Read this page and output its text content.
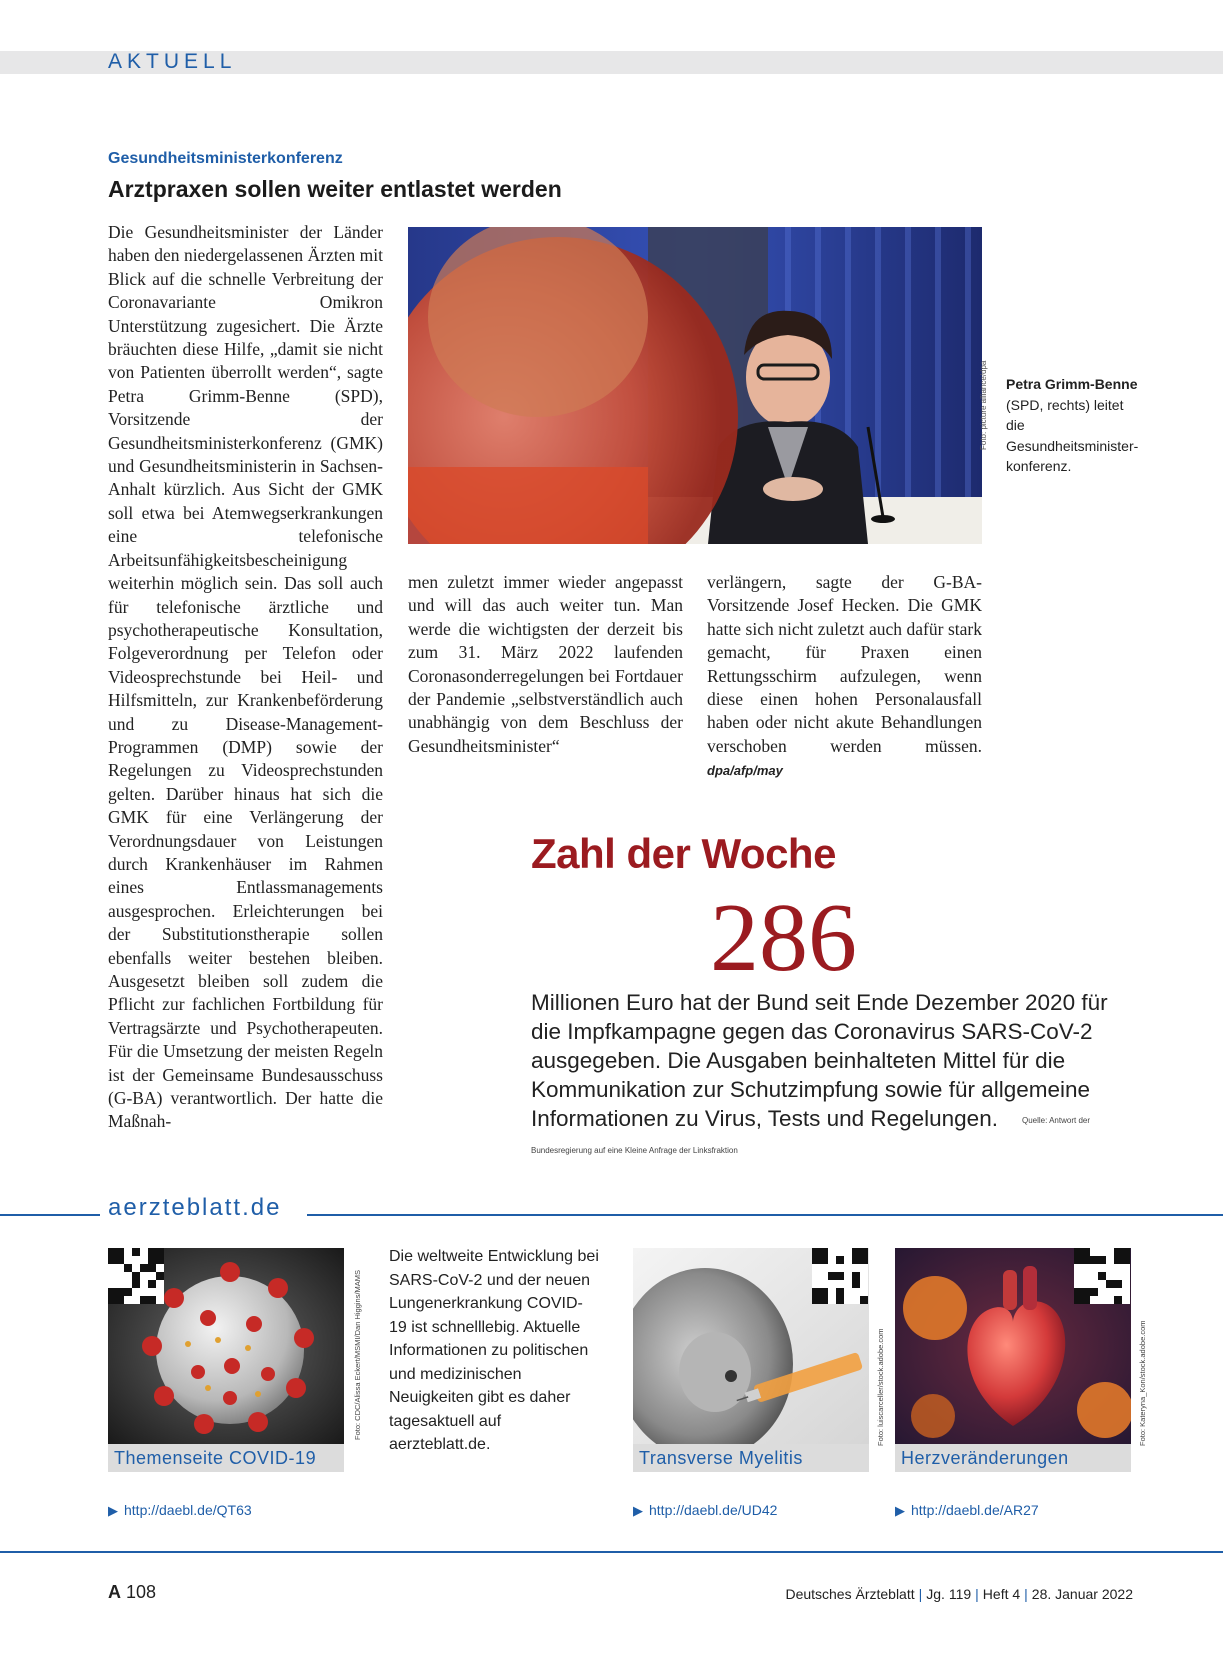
AKTUELL
Gesundheitsministerkonferenz
Arztpraxen sollen weiter entlastet werden

Die Gesundheitsminister der Länder haben den niedergelassenen Ärzten mit Blick auf die schnelle Verbreitung der Coronavariante Omikron Unterstützung zugesichert. Die Ärzte bräuchten diese Hilfe, „damit sie nicht von Patienten überrollt werden“, sagte Petra Grimm-Benne (SPD), Vorsitzende der Gesundheitsministerkonferenz (GMK) und Gesundheitsministerin in Sachsen-Anhalt kürzlich. Aus Sicht der GMK soll etwa bei Atemwegserkrankungen eine telefonische Arbeitsunfähigkeitsbescheinigung weiterhin möglich sein. Das soll auch für telefonische ärztliche und psychotherapeutische Konsultation, Folgeverordnung per Telefon oder Videosprechstunde bei Heil- und Hilfsmitteln, zur Krankenbeförderung und zu Disease-Management-Programmen (DMP) sowie der Regelungen zu Videosprechstunden gelten. Darüber hinaus hat sich die GMK für eine Verlängerung der Verordnungsdauer von Leistungen durch Krankenhäuser im Rahmen eines Entlassmanagements ausgesprochen. Erleichterungen bei der Substitutionstherapie sollen ebenfalls weiter bestehen bleiben. Ausgesetzt bleiben soll zudem die Pflicht zur fachlichen Fortbildung für Vertragsärzte und Psychotherapeuten. Für die Umsetzung der meisten Regeln ist der Gemeinsame Bundesausschuss (G-BA) verantwortlich. Der hatte die Maßnah-

Foto: picture alliance/dpa Petra Grimm-Benne
(SPD, rechts) leitet die Gesundheitsministerkonferenz.

men zuletzt immer wieder angepasst und will das auch weiter tun. Man werde die wichtigsten der derzeit bis zum 31. März 2022 laufenden Coronasonderregelungen bei Fortdauer der Pandemie „selbstverständlich auch unabhängig von dem Beschluss der Gesundheitsminister“

verlängern, sagte der G-BA-Vorsitzende Josef Hecken. Die GMK hatte sich nicht zuletzt auch dafür stark gemacht, für Praxen einen Rettungsschirm aufzulegen, wenn diese einen hohen Personalausfall haben oder nicht akute Behandlungen verschoben werden müssen. dpa/afp/may

Zahl der Woche
286
Millionen Euro hat der Bund seit Ende Dezember 2020 für die Impfkampagne gegen das Coronavirus SARS-CoV-2 ausgegeben. Die Ausgaben beinhalteten Mittel für die Kommunikation zur Schutzimpfung sowie für allgemeine Informationen zu Virus, Tests und Regelungen.	Quelle: Antwort der Bundesregierung auf eine Kleine Anfrage der Linksfraktion
aerzteblatt.de
Themenseite COVID-19
Foto: CDC/Alissa Eckert/MSMI/Dan Higgins/MAMS
▶ http://daebl.de/QT63
Die weltweite Entwicklung bei SARS-CoV-2 und der neuen Lungenerkrankung COVID-19 ist schnelllebig. Aktuelle Informationen zu politischen und medizinischen Neuigkeiten gibt es daher tagesaktuell auf aerzteblatt.de.
Transverse Myelitis
Foto: luiscarceller/stock.adobe.com
▶ http://daebl.de/UD42
Herzveränderungen
Foto: Kateryna_Kon/stock.adobe.com
▶ http://daebl.de/AR27
A 108	Deutsches Ärzteblatt | Jg. 119 | Heft 4 | 28. Januar 2022
